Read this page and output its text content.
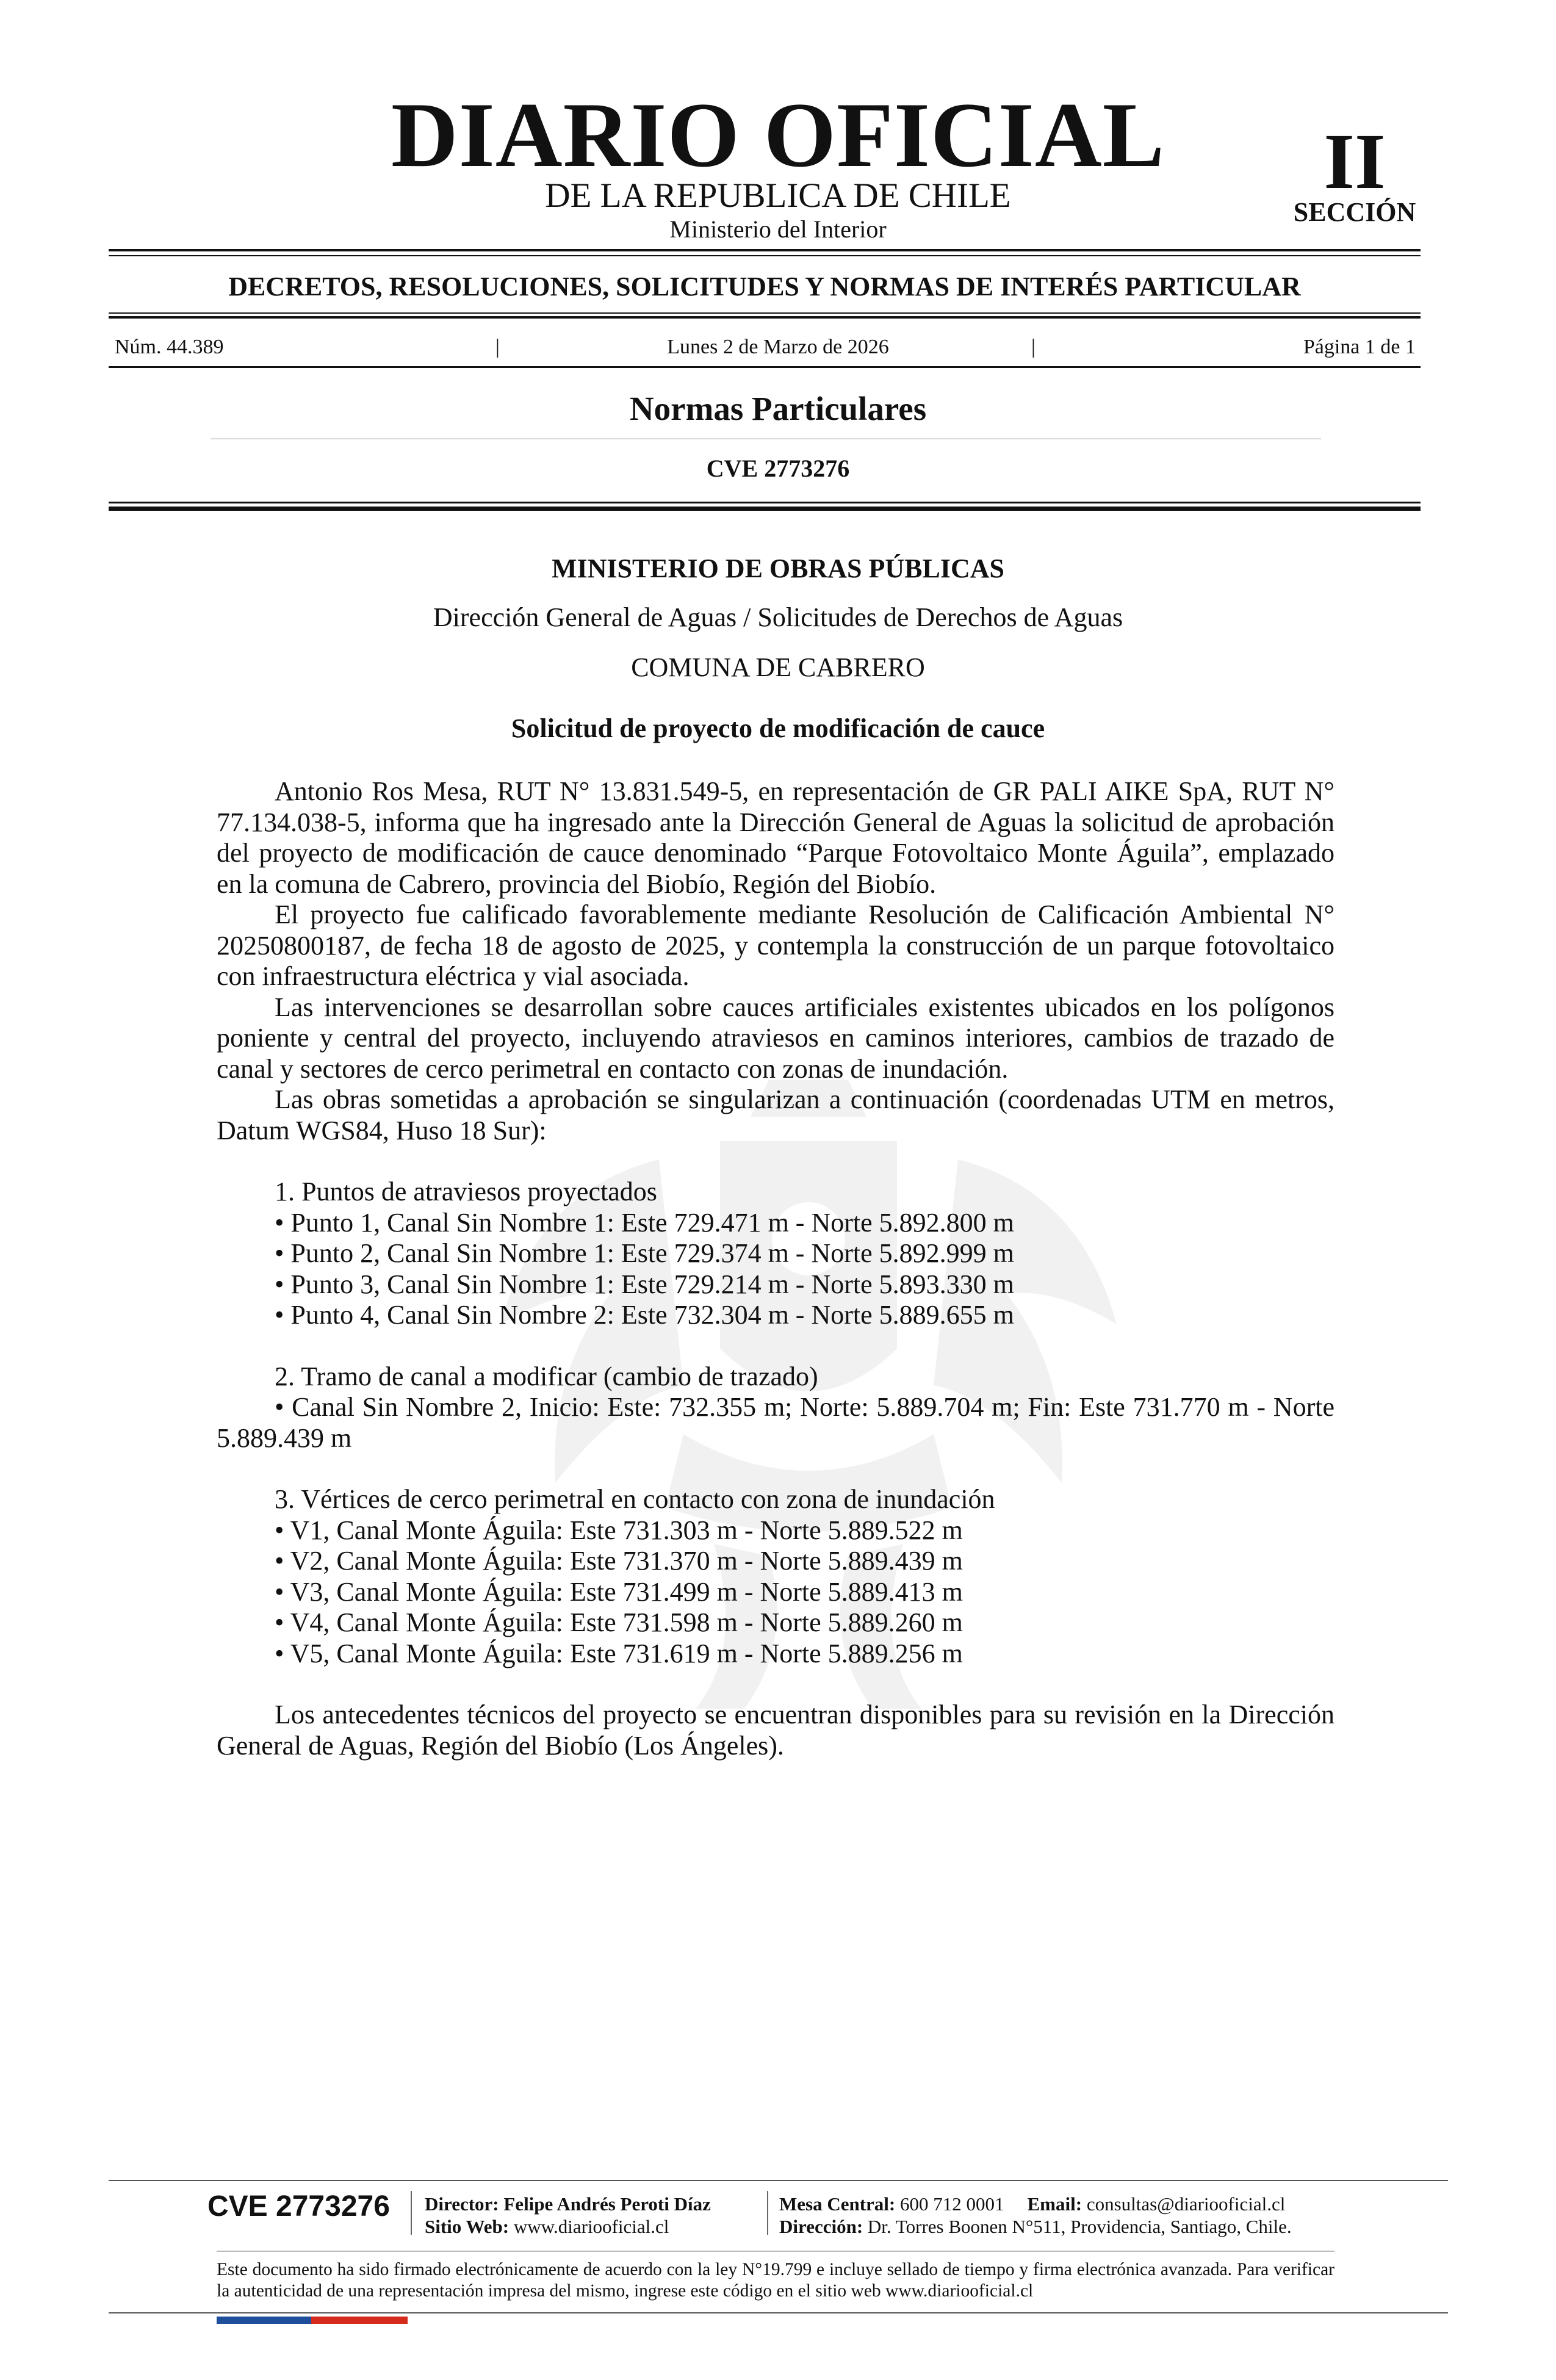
DIARIO OFICIAL
DE LA REPUBLICA DE CHILE
Ministerio del Interior
II
SECCIÓN
DECRETOS, RESOLUCIONES, SOLICITUDES Y NORMAS DE INTERÉS PARTICULAR
Núm. 44.389	|	Lunes 2 de Marzo de 2026	|	Página 1 de 1
Normas Particulares
CVE 2773276
MINISTERIO DE OBRAS PÚBLICAS
Dirección General de Aguas / Solicitudes de Derechos de Aguas
COMUNA DE CABRERO
Solicitud de proyecto de modificación de cauce

Antonio Ros Mesa, RUT N° 13.831.549-5, en representación de GR PALI AIKE SpA, RUT N° 77.134.038-5, informa que ha ingresado ante la Dirección General de Aguas la solicitud de aprobación del proyecto de modificación de cauce denominado “Parque Fotovoltaico Monte Águila”, emplazado en la comuna de Cabrero, provincia del Biobío, Región del Biobío.

El proyecto fue calificado favorablemente mediante Resolución de Calificación Ambiental N° 20250800187, de fecha 18 de agosto de 2025, y contempla la construcción de un parque fotovoltaico con infraestructura eléctrica y vial asociada.

Las intervenciones se desarrollan sobre cauces artificiales existentes ubicados en los polígonos poniente y central del proyecto, incluyendo atraviesos en caminos interiores, cambios de trazado de canal y sectores de cerco perimetral en contacto con zonas de inundación.

Las obras sometidas a aprobación se singularizan a continuación (coordenadas UTM en metros, Datum WGS84, Huso 18 Sur):

1. Puntos de atraviesos proyectados
• Punto 1, Canal Sin Nombre 1: Este 729.471 m - Norte 5.892.800 m
• Punto 2, Canal Sin Nombre 1: Este 729.374 m - Norte 5.892.999 m
• Punto 3, Canal Sin Nombre 1: Este 729.214 m - Norte 5.893.330 m
• Punto 4, Canal Sin Nombre 2: Este 732.304 m - Norte 5.889.655 m
2. Tramo de canal a modificar (cambio de trazado)

• Canal Sin Nombre 2, Inicio: Este: 732.355 m; Norte: 5.889.704 m; Fin: Este 731.770 m - Norte 5.889.439 m

3. Vértices de cerco perimetral en contacto con zona de inundación
• V1, Canal Monte Águila: Este 731.303 m - Norte 5.889.522 m
• V2, Canal Monte Águila: Este 731.370 m - Norte 5.889.439 m
• V3, Canal Monte Águila: Este 731.499 m - Norte 5.889.413 m
• V4, Canal Monte Águila: Este 731.598 m - Norte 5.889.260 m
• V5, Canal Monte Águila: Este 731.619 m - Norte 5.889.256 m

Los antecedentes técnicos del proyecto se encuentran disponibles para su revisión en la Dirección General de Aguas, Región del Biobío (Los Ángeles).

CVE 2773276 Director: Felipe Andrés Peroti Díaz
Sitio Web: www.diariooficial.cl
Mesa Central: 600 712 0001 Email: consultas@diariooficial.cl
Dirección: Dr. Torres Boonen N°511, Providencia, Santiago, Chile.
Este documento ha sido firmado electrónicamente de acuerdo con la ley N°19.799 e incluye sellado de tiempo y firma electrónica avanzada. Para verificar la autenticidad de una representación impresa del mismo, ingrese este código en el sitio web www.diariooficial.cl
